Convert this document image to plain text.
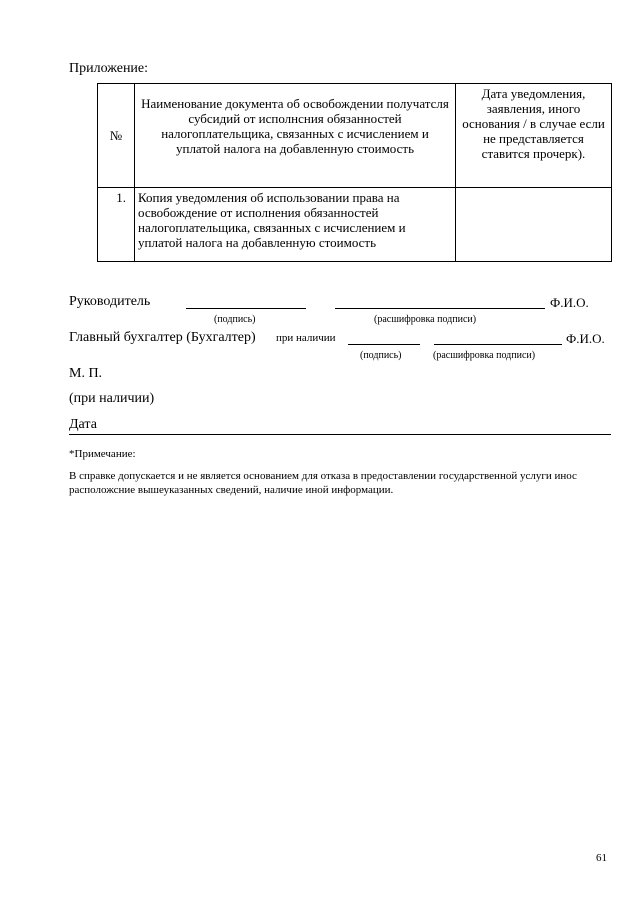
Приложение:
№	Наименование документа об освобождении получатсля субсидий от исполнсния обязанностей налогоплательщика, связанных с исчислением и уплатой налога на добавленную стоимость	Дата уведомления, заявления, иного основания / в случае если не представляется ставится прочерк).
1.	Копия уведомления об использовании права на освобождение от исполнения обязанностей налогоплательщика, связанных с исчислением и уплатой налога на добавленную стоимость	
Руководитель	Ф.И.О.
(подпись)	(расшифровка подписи)
Главный бухгалтер (Бухгалтер) при наличии	Ф.И.О.
(подпись)	(расшифровка подписи)
М. П.
(при наличии)
Дата
*Примечание:
В справке допускается и не является основанием для отказа в предоставлении государственной услуги инос расположсние вышеуказанных сведений, наличие иной информации.
61
